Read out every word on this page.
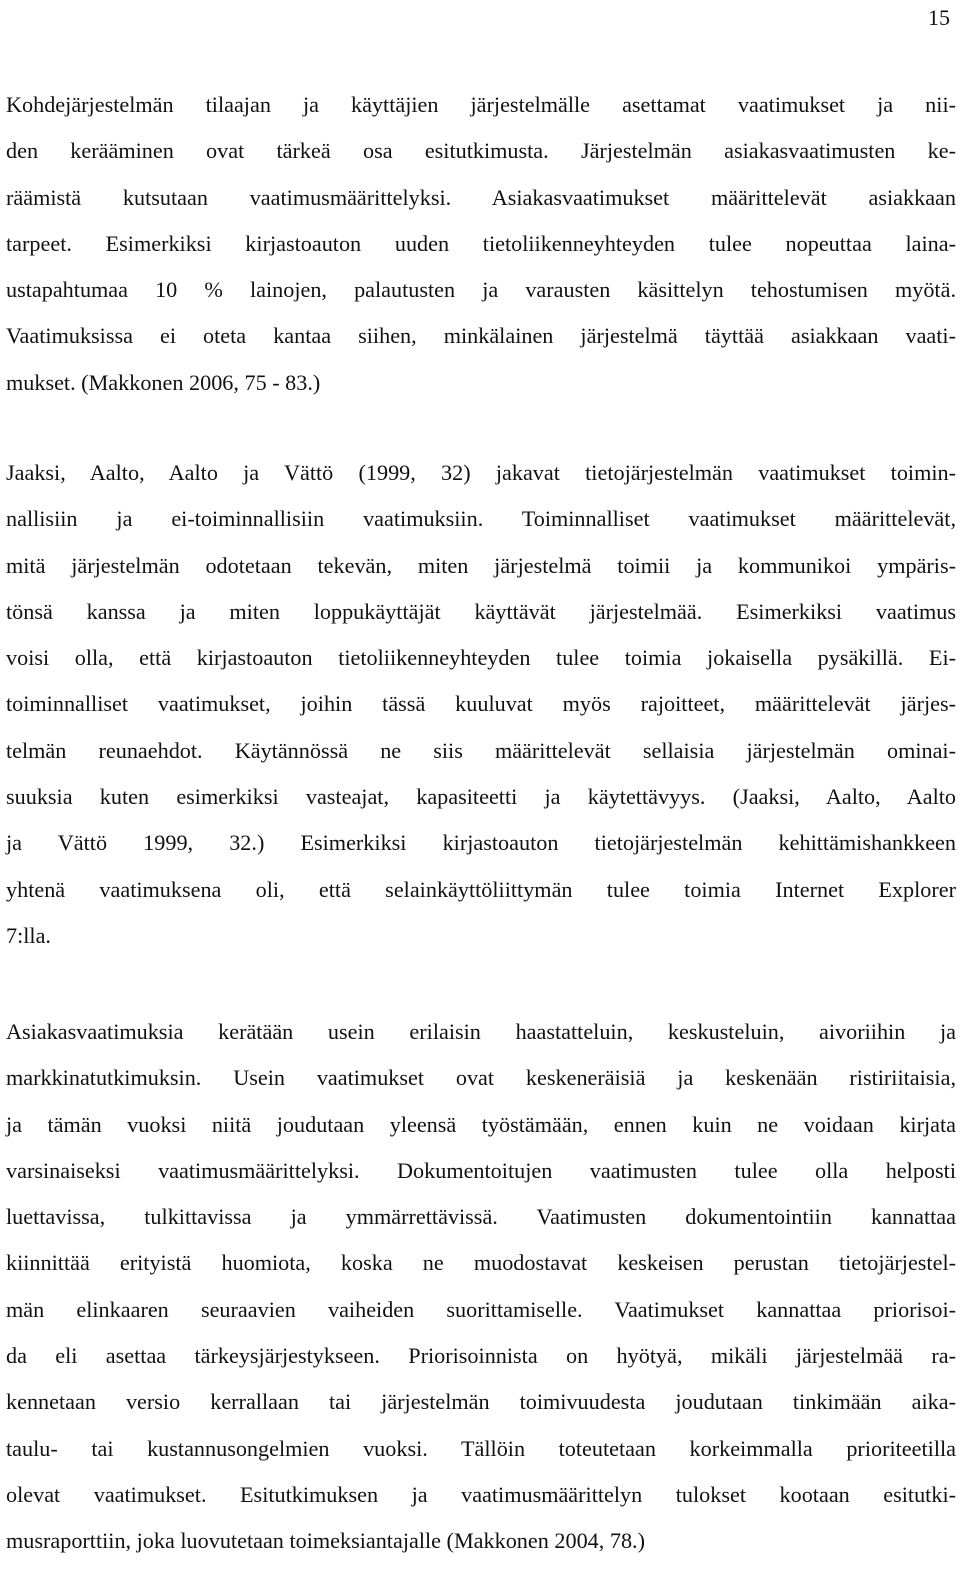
15
Kohdejärjestelmän tilaajan ja käyttäjien järjestelmälle asettamat vaatimukset ja nii-
den kerääminen ovat tärkeä osa esitutkimusta. Järjestelmän asiakasvaatimusten ke-
räämistä kutsutaan vaatimusmäärittelyksi. Asiakasvaatimukset määrittelevät asiakkaan
tarpeet. Esimerkiksi kirjastoauton uuden tietoliikenneyhteyden tulee nopeuttaa laina-
ustapahtumaa 10 % lainojen, palautusten ja varausten käsittelyn tehostumisen myötä.
Vaatimuksissa ei oteta kantaa siihen, minkälainen järjestelmä täyttää asiakkaan vaati-
mukset. (Makkonen 2006, 75 - 83.)
Jaaksi, Aalto, Aalto ja Vättö (1999, 32) jakavat tietojärjestelmän vaatimukset toimin-
nallisiin ja ei-toiminnallisiin vaatimuksiin. Toiminnalliset vaatimukset määrittelevät,
mitä järjestelmän odotetaan tekevän, miten järjestelmä toimii ja kommunikoi ympäris-
tönsä kanssa ja miten loppukäyttäjät käyttävät järjestelmää. Esimerkiksi vaatimus
voisi olla, että kirjastoauton tietoliikenneyhteyden tulee toimia jokaisella pysäkillä. Ei-
toiminnalliset vaatimukset, joihin tässä kuuluvat myös rajoitteet, määrittelevät järjes-
telmän reunaehdot. Käytännössä ne siis määrittelevät sellaisia järjestelmän ominai-
suuksia kuten esimerkiksi vasteajat, kapasiteetti ja käytettävyys. (Jaaksi, Aalto, Aalto
ja Vättö 1999, 32.) Esimerkiksi kirjastoauton tietojärjestelmän kehittämishankkeen
yhtenä vaatimuksena oli, että selainkäyttöliittymän tulee toimia Internet Explorer
7:lla.
Asiakasvaatimuksia kerätään usein erilaisin haastatteluin, keskusteluin, aivoriihin ja
markkinatutkimuksin. Usein vaatimukset ovat keskeneräisiä ja keskenään ristiriitaisia,
ja tämän vuoksi niitä joudutaan yleensä työstämään, ennen kuin ne voidaan kirjata
varsinaiseksi vaatimusmäärittelyksi. Dokumentoitujen vaatimusten tulee olla helposti
luettavissa, tulkittavissa ja ymmärrettävissä. Vaatimusten dokumentointiin kannattaa
kiinnittää erityistä huomiota, koska ne muodostavat keskeisen perustan tietojärjestel-
män elinkaaren seuraavien vaiheiden suorittamiselle. Vaatimukset kannattaa priorisoi-
da eli asettaa tärkeysjärjestykseen. Priorisoinnista on hyötyä, mikäli järjestelmää ra-
kennetaan versio kerrallaan tai järjestelmän toimivuudesta joudutaan tinkimään aika-
taulu- tai kustannusongelmien vuoksi. Tällöin toteutetaan korkeimmalla prioriteetilla
olevat vaatimukset. Esitutkimuksen ja vaatimusmäärittelyn tulokset kootaan esitutki-
musraporttiin, joka luovutetaan toimeksiantajalle (Makkonen 2004, 78.)
